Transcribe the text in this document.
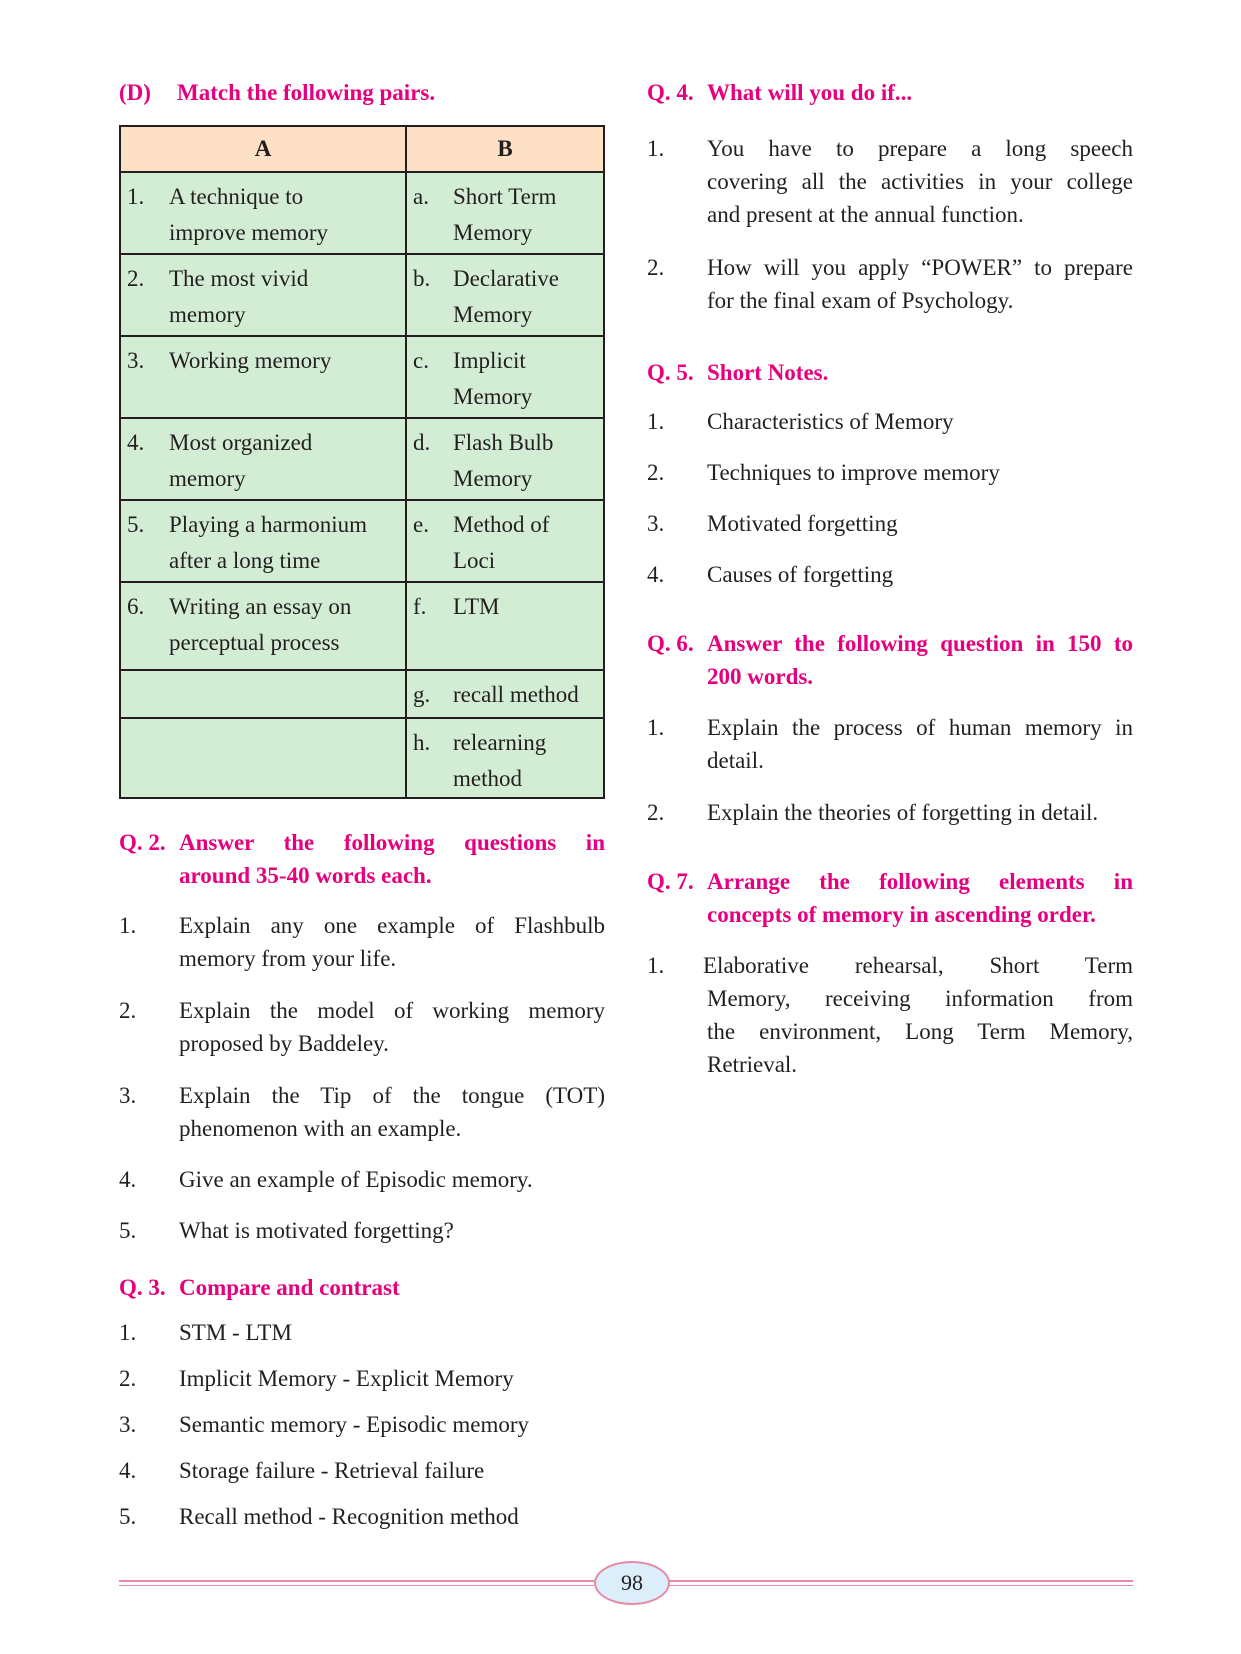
(D) Match the following pairs.
A	B

1. A technique to
improve memory	a. Short Term
Memory

2. The most vivid
memory	b. Declarative
Memory

3. Working memory	c. Implicit
Memory

4. Most organized
memory	d. Flash Bulb
Memory

5. Playing a harmonium
after a long time	e. Method of
Loci

6. Writing an essay on
perceptual process	f. LTM

	g. recall method

	h. relearning
method
Q. 2. Answer the following questions in
around 35-40 words each.
1. Explain any one example of Flashbulb
memory from your life.
2. Explain the model of working memory
proposed by Baddeley.
3. Explain the Tip of the tongue (TOT)
phenomenon with an example.
4. Give an example of Episodic memory.
5. What is motivated forgetting?
Q. 3. Compare and contrast
1. STM - LTM
2. Implicit Memory - Explicit Memory
3. Semantic memory - Episodic memory
4. Storage failure - Retrieval failure
5. Recall method - Recognition method
Q. 4. What will you do if...
1. You have to prepare a long speech
covering all the activities in your college
and present at the annual function.
2. How will you apply “POWER” to prepare
for the final exam of Psychology.
Q. 5. Short Notes.
1. Characteristics of Memory
2. Techniques to improve memory
3. Motivated forgetting
4. Causes of forgetting
Q. 6. Answer the following question in 150 to
200 words.
1. Explain the process of human memory in
detail.
2. Explain the theories of forgetting in detail.
Q. 7. Arrange the following elements in
concepts of memory in ascending order.
1. Elaborative rehearsal, Short Term
Memory, receiving information from
the environment, Long Term Memory,
Retrieval.
98
